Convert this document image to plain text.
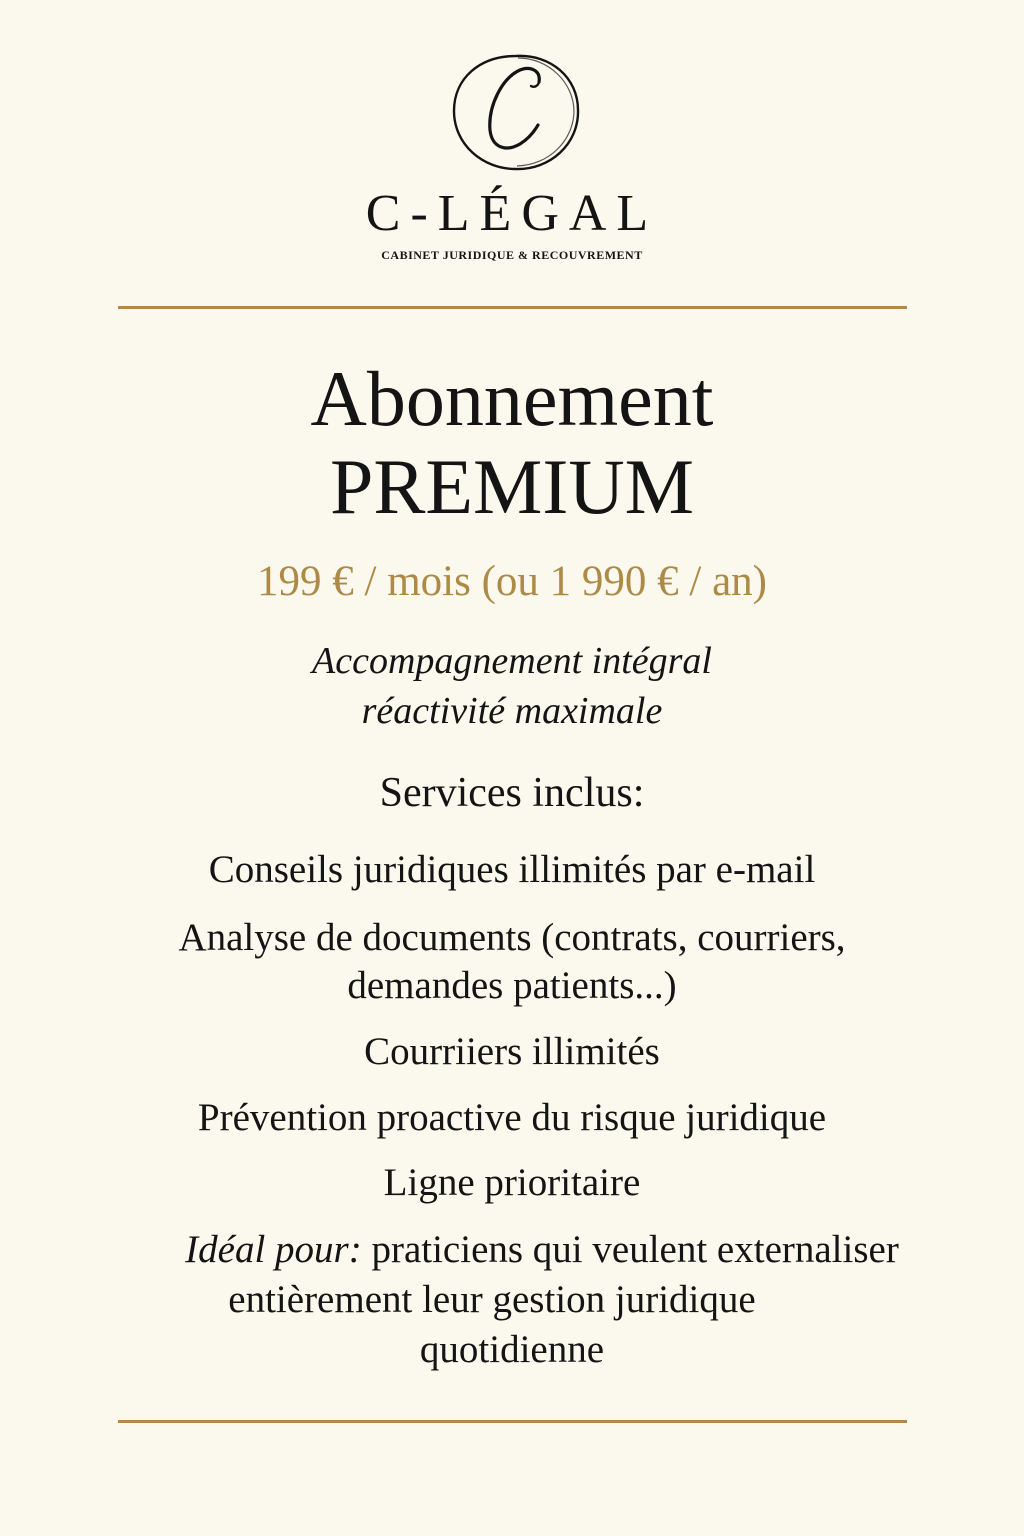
C-LÉGAL
CABINET JURIDIQUE & RECOUVREMENT
Abonnement
PREMIUM
199 € / mois (ou 1 990 € / an)
Accompagnement intégral
réactivité maximale
Services inclus:
Conseils juridiques illimités par e-mail
Analyse de documents (contrats, courriers,
demandes patients...)
Courriiers illimités
Prévention proactive du risque juridique
Ligne prioritaire
Idéal pour: praticiens qui veulent externaliser
entièrement leur gestion juridique
quotidienne
